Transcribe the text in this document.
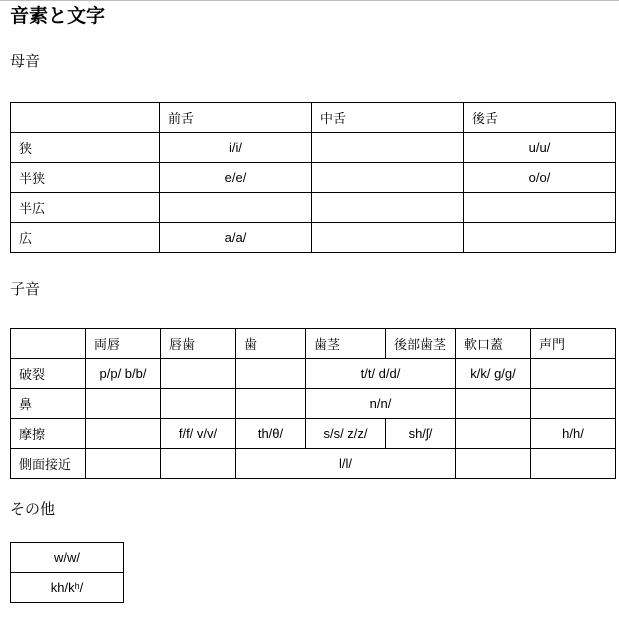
音素と文字
母音
	前舌	中舌	後舌
狭	i/i/		u/u/
半狭	e/e/		o/o/
半広			
広	a/a/		
子音
	両唇	唇歯	歯	歯茎	後部歯茎	軟口蓋	声門
破裂	p/p/ b/b/			t/t/ d/d/		k/k/ g/g/	
鼻				n/n/			
摩擦		f/f/ v/v/	th/θ/	s/s/ z/z/	sh/ʃ/		h/h/
側面接近			l/l/				
その他
w/w/
kh/kʰ/
